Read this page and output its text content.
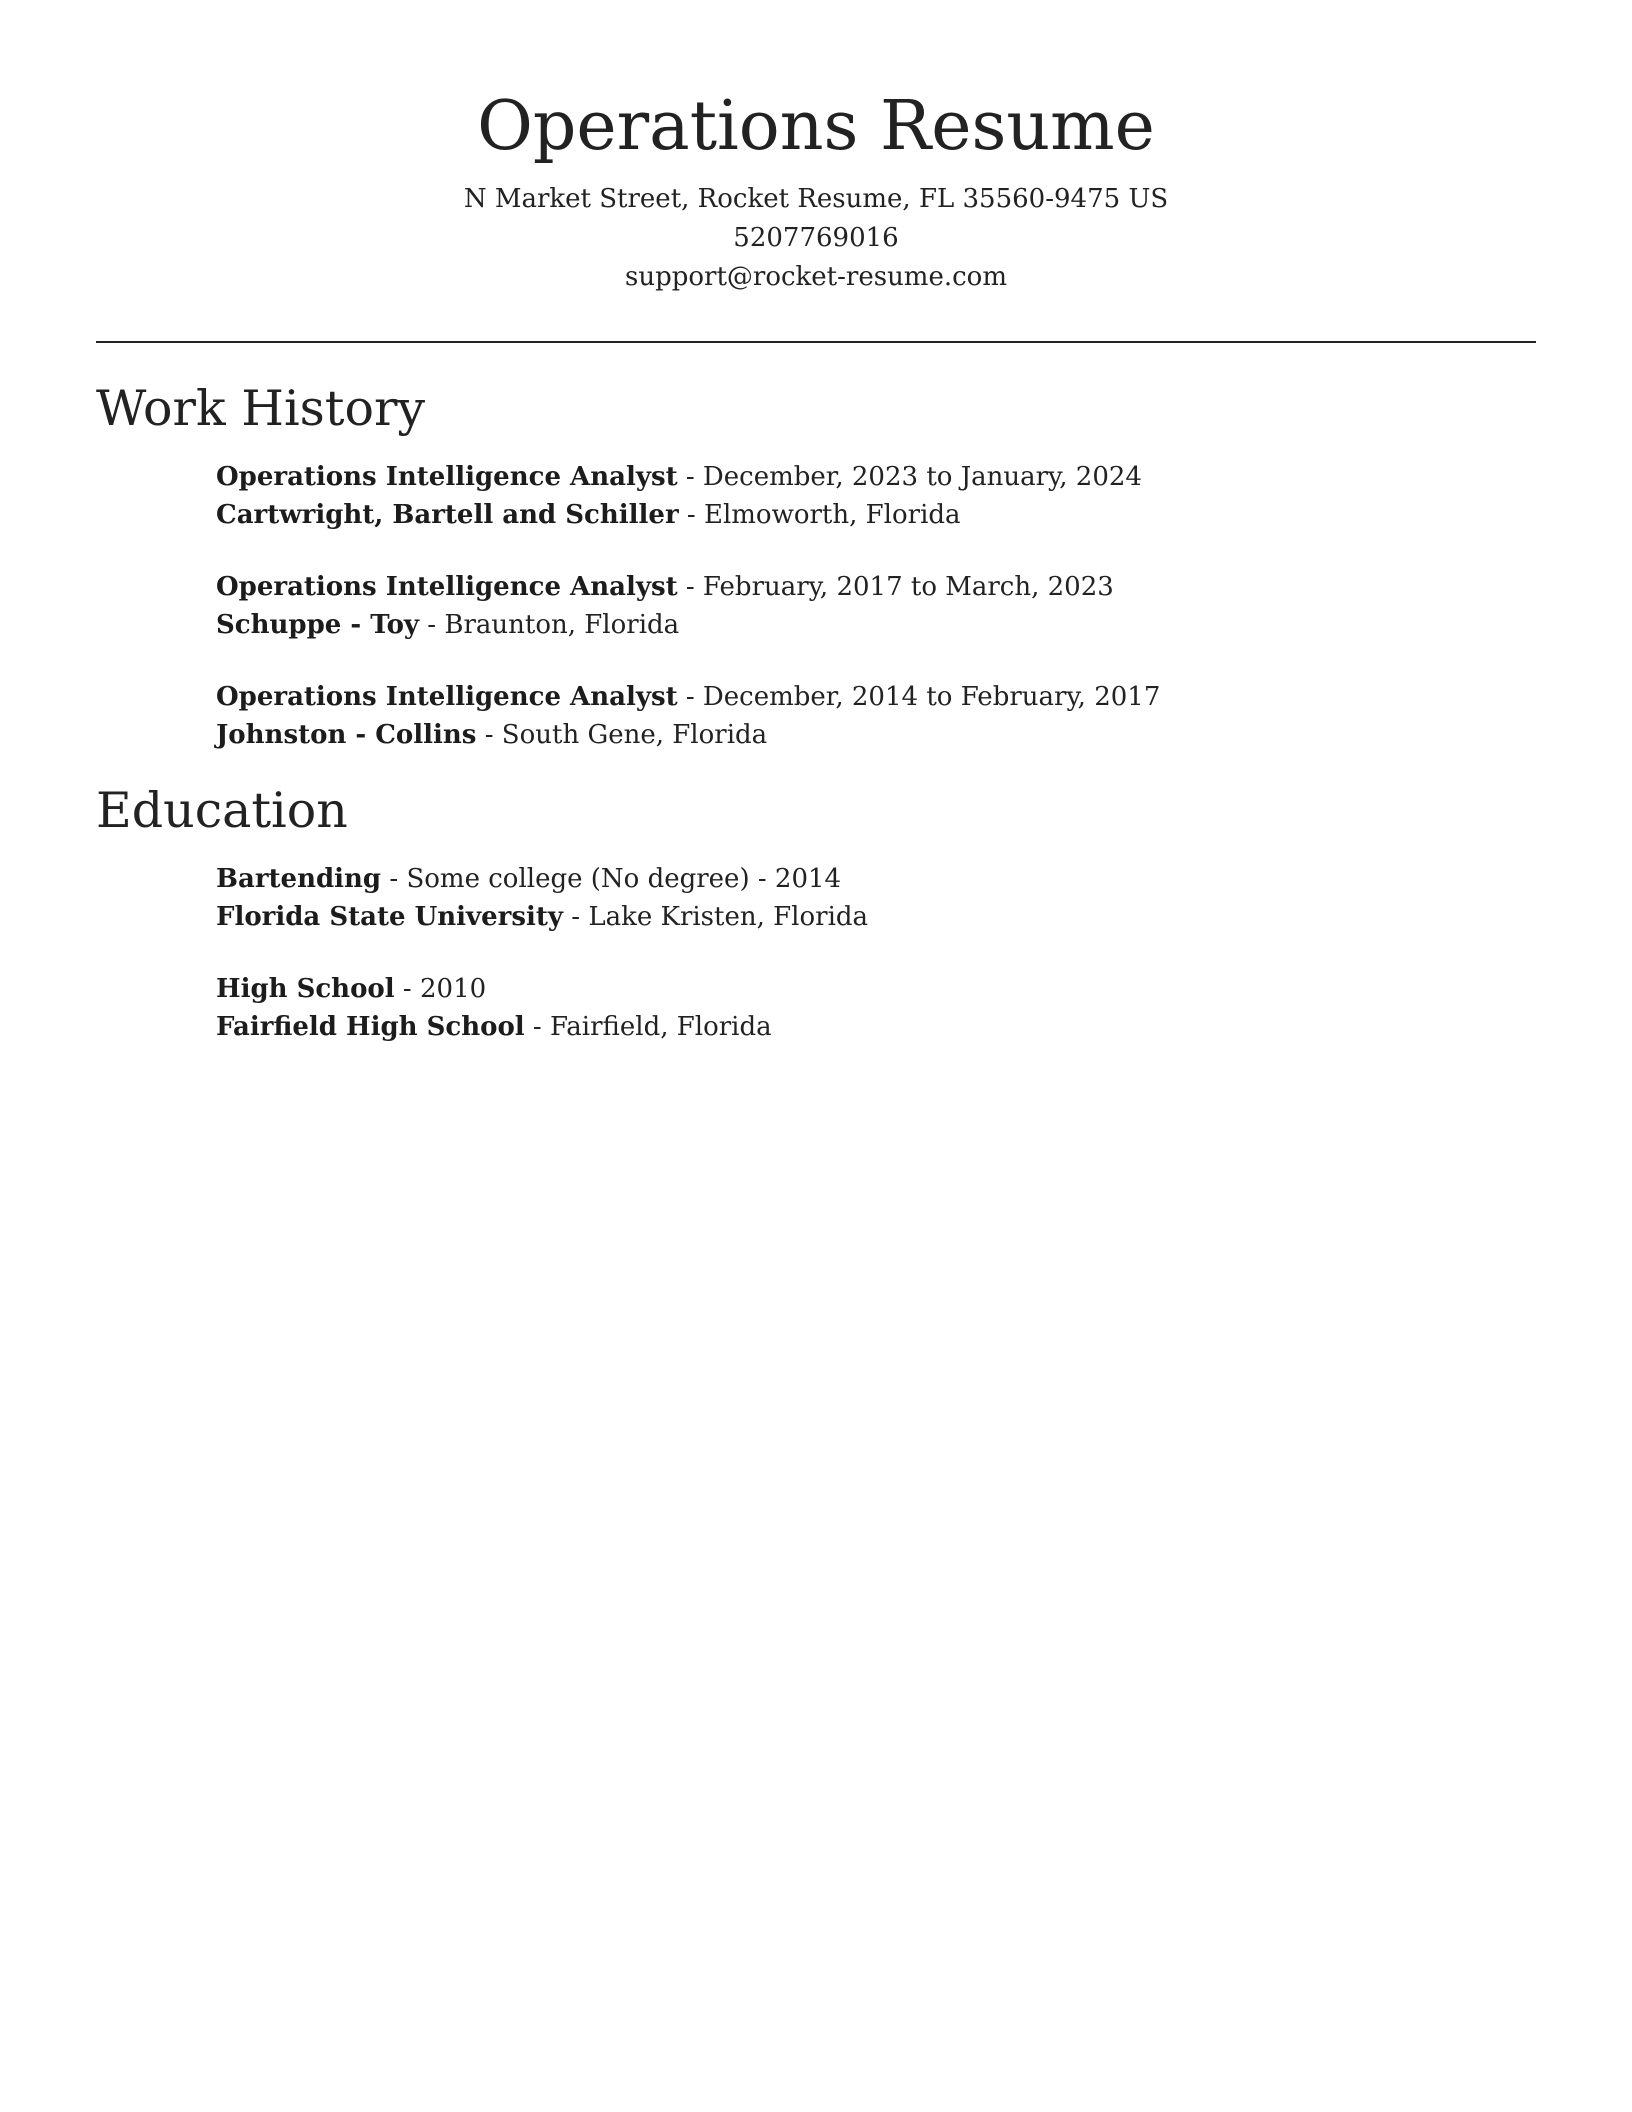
Operations Resume
N Market Street, Rocket Resume, FL 35560-9475 US
5207769016
support@rocket-resume.com
Work History
Operations Intelligence Analyst - December, 2023 to January, 2024
Cartwright, Bartell and Schiller - Elmoworth, Florida
Operations Intelligence Analyst - February, 2017 to March, 2023
Schuppe - Toy - Braunton, Florida
Operations Intelligence Analyst - December, 2014 to February, 2017
Johnston - Collins - South Gene, Florida
Education
Bartending - Some college (No degree) - 2014
Florida State University - Lake Kristen, Florida
High School - 2010
Fairfield High School - Fairfield, Florida
